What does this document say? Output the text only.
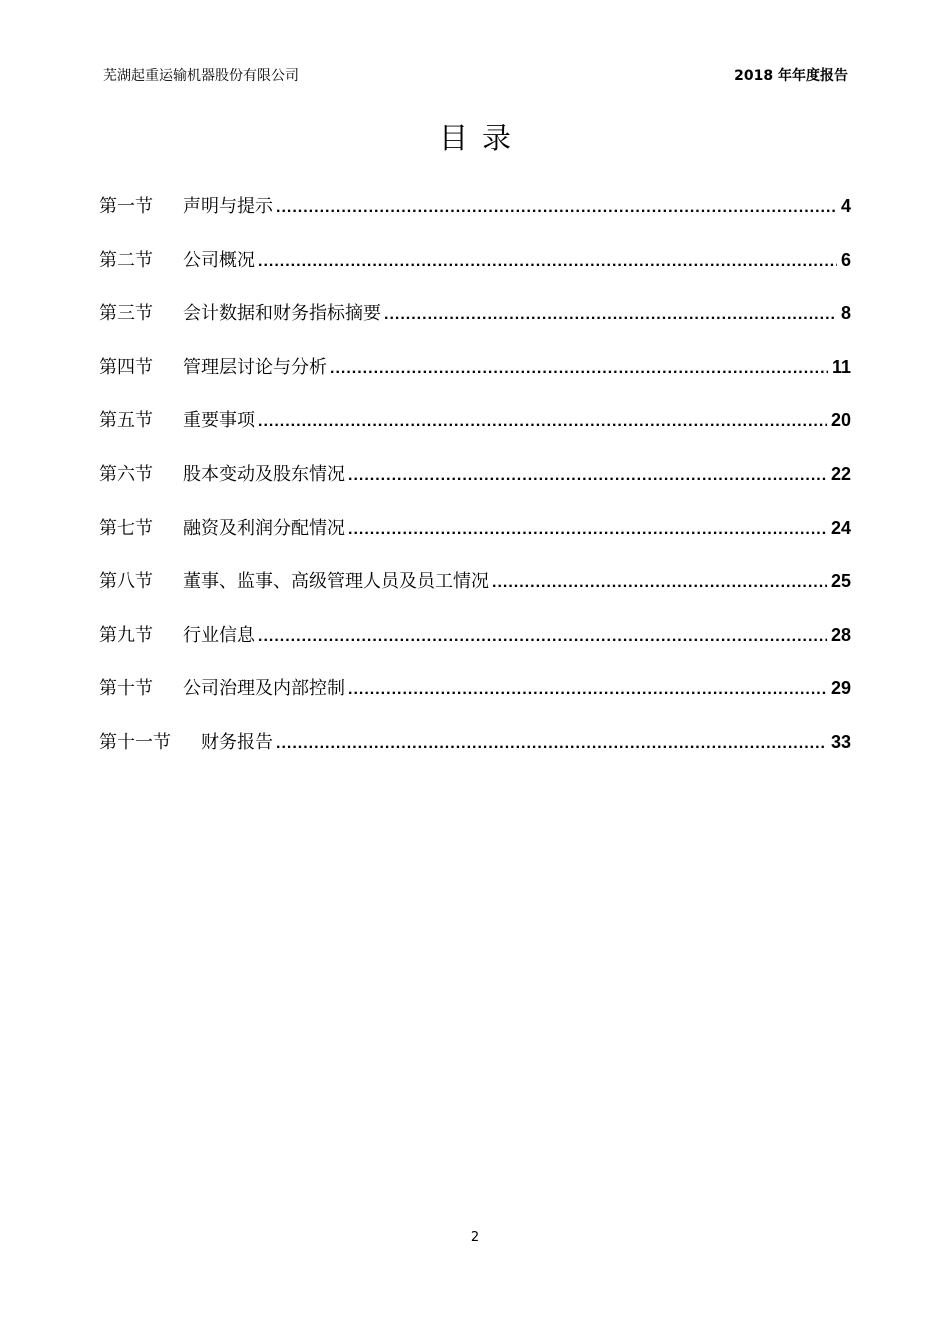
芜湖起重运输机器股份有限公司	2018 年年度报告
目录
第一节	声明与提示 .....	4
第二节	公司概况 .....	6
第三节	会计数据和财务指标摘要 .....	8
第四节	管理层讨论与分析 .....	11
第五节	重要事项 .....	20
第六节	股本变动及股东情况 .....	22
第七节	融资及利润分配情况 .....	24
第八节	董事、监事、高级管理人员及员工情况 .....	25
第九节	行业信息 .....	28
第十节	公司治理及内部控制 .....	29
第十一节	财务报告 .....	33
2
